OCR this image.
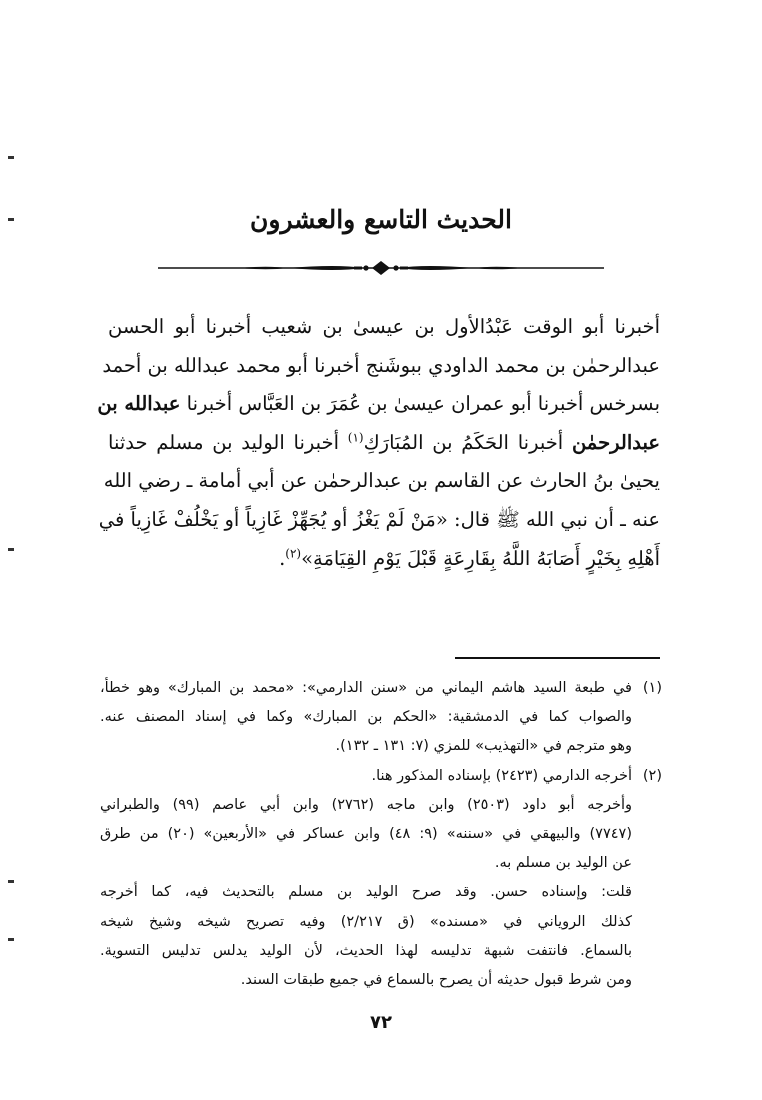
الحديث التاسع والعشرون
أخبرنا أبو الوقت عَبْدُالأول بن عيسىٰ بن شعيب أخبرنا أبو الحسن
عبدالرحمٰن بن محمد الداودي ببوشَنج أخبرنا أبو محمد عبدالله بن أحمد
بسرخس أخبرنا أبو عمران عيسىٰ بن عُمَرَ بن العَبَّاس أخبرنا عبدالله بن
عبدالرحمٰن أخبرنا الحَكَمُ بن المُبَارَكِ$^{(١)}$ أخبرنا الوليد بن مسلم حدثنا
يحيىٰ بنُ الحارث عن القاسم بن عبدالرحمٰن عن أبي أمامة ـ رضي الله
عنه ـ أن نبي الله ﷺ قال: «مَنْ لَمْ يَغْزُ أو يُجَهِّزْ غَازِياً أو يَخْلُفْ غَازِياً في
أَهْلِهِ بِخَيْرٍ أَصَابَهُ اللَّهُ بِقَارِعَةٍ قَبْلَ يَوْمِ القِيَامَةِ»$^{(٢)}$.
(١)في طبعة السيد هاشم اليماني من «سنن الدارمي»: «محمد بن المبارك» وهو خطأ،
والصواب كما في الدمشقية: «الحكم بن المبارك» وكما في إسناد المصنف عنه.
وهو مترجم في «التهذيب» للمزي (٧: ١٣١ ـ ١٣٢).
(٢)أخرجه الدارمي (٢٤٢٣) بإسناده المذكور هنا.
وأخرجه أبو داود (٢٥٠٣) وابن ماجه (٢٧٦٢) وابن أبي عاصم (٩٩) والطبراني
(٧٧٤٧) والبيهقي في «سننه» (٩: ٤٨) وابن عساكر في «الأربعين» (٢٠) من طرق
عن الوليد بن مسلم به.
قلت: وإسناده حسن. وقد صرح الوليد بن مسلم بالتحديث فيه، كما أخرجه
كذلك الروياني في «مسنده» (ق ٢/٢١٧) وفيه تصريح شيخه وشيخ شيخه
بالسماع. فانتفت شبهة تدليسه لهذا الحديث، لأن الوليد يدلس تدليس التسوية.
ومن شرط قبول حديثه أن يصرح بالسماع في جميع طبقات السند.
٧٢
